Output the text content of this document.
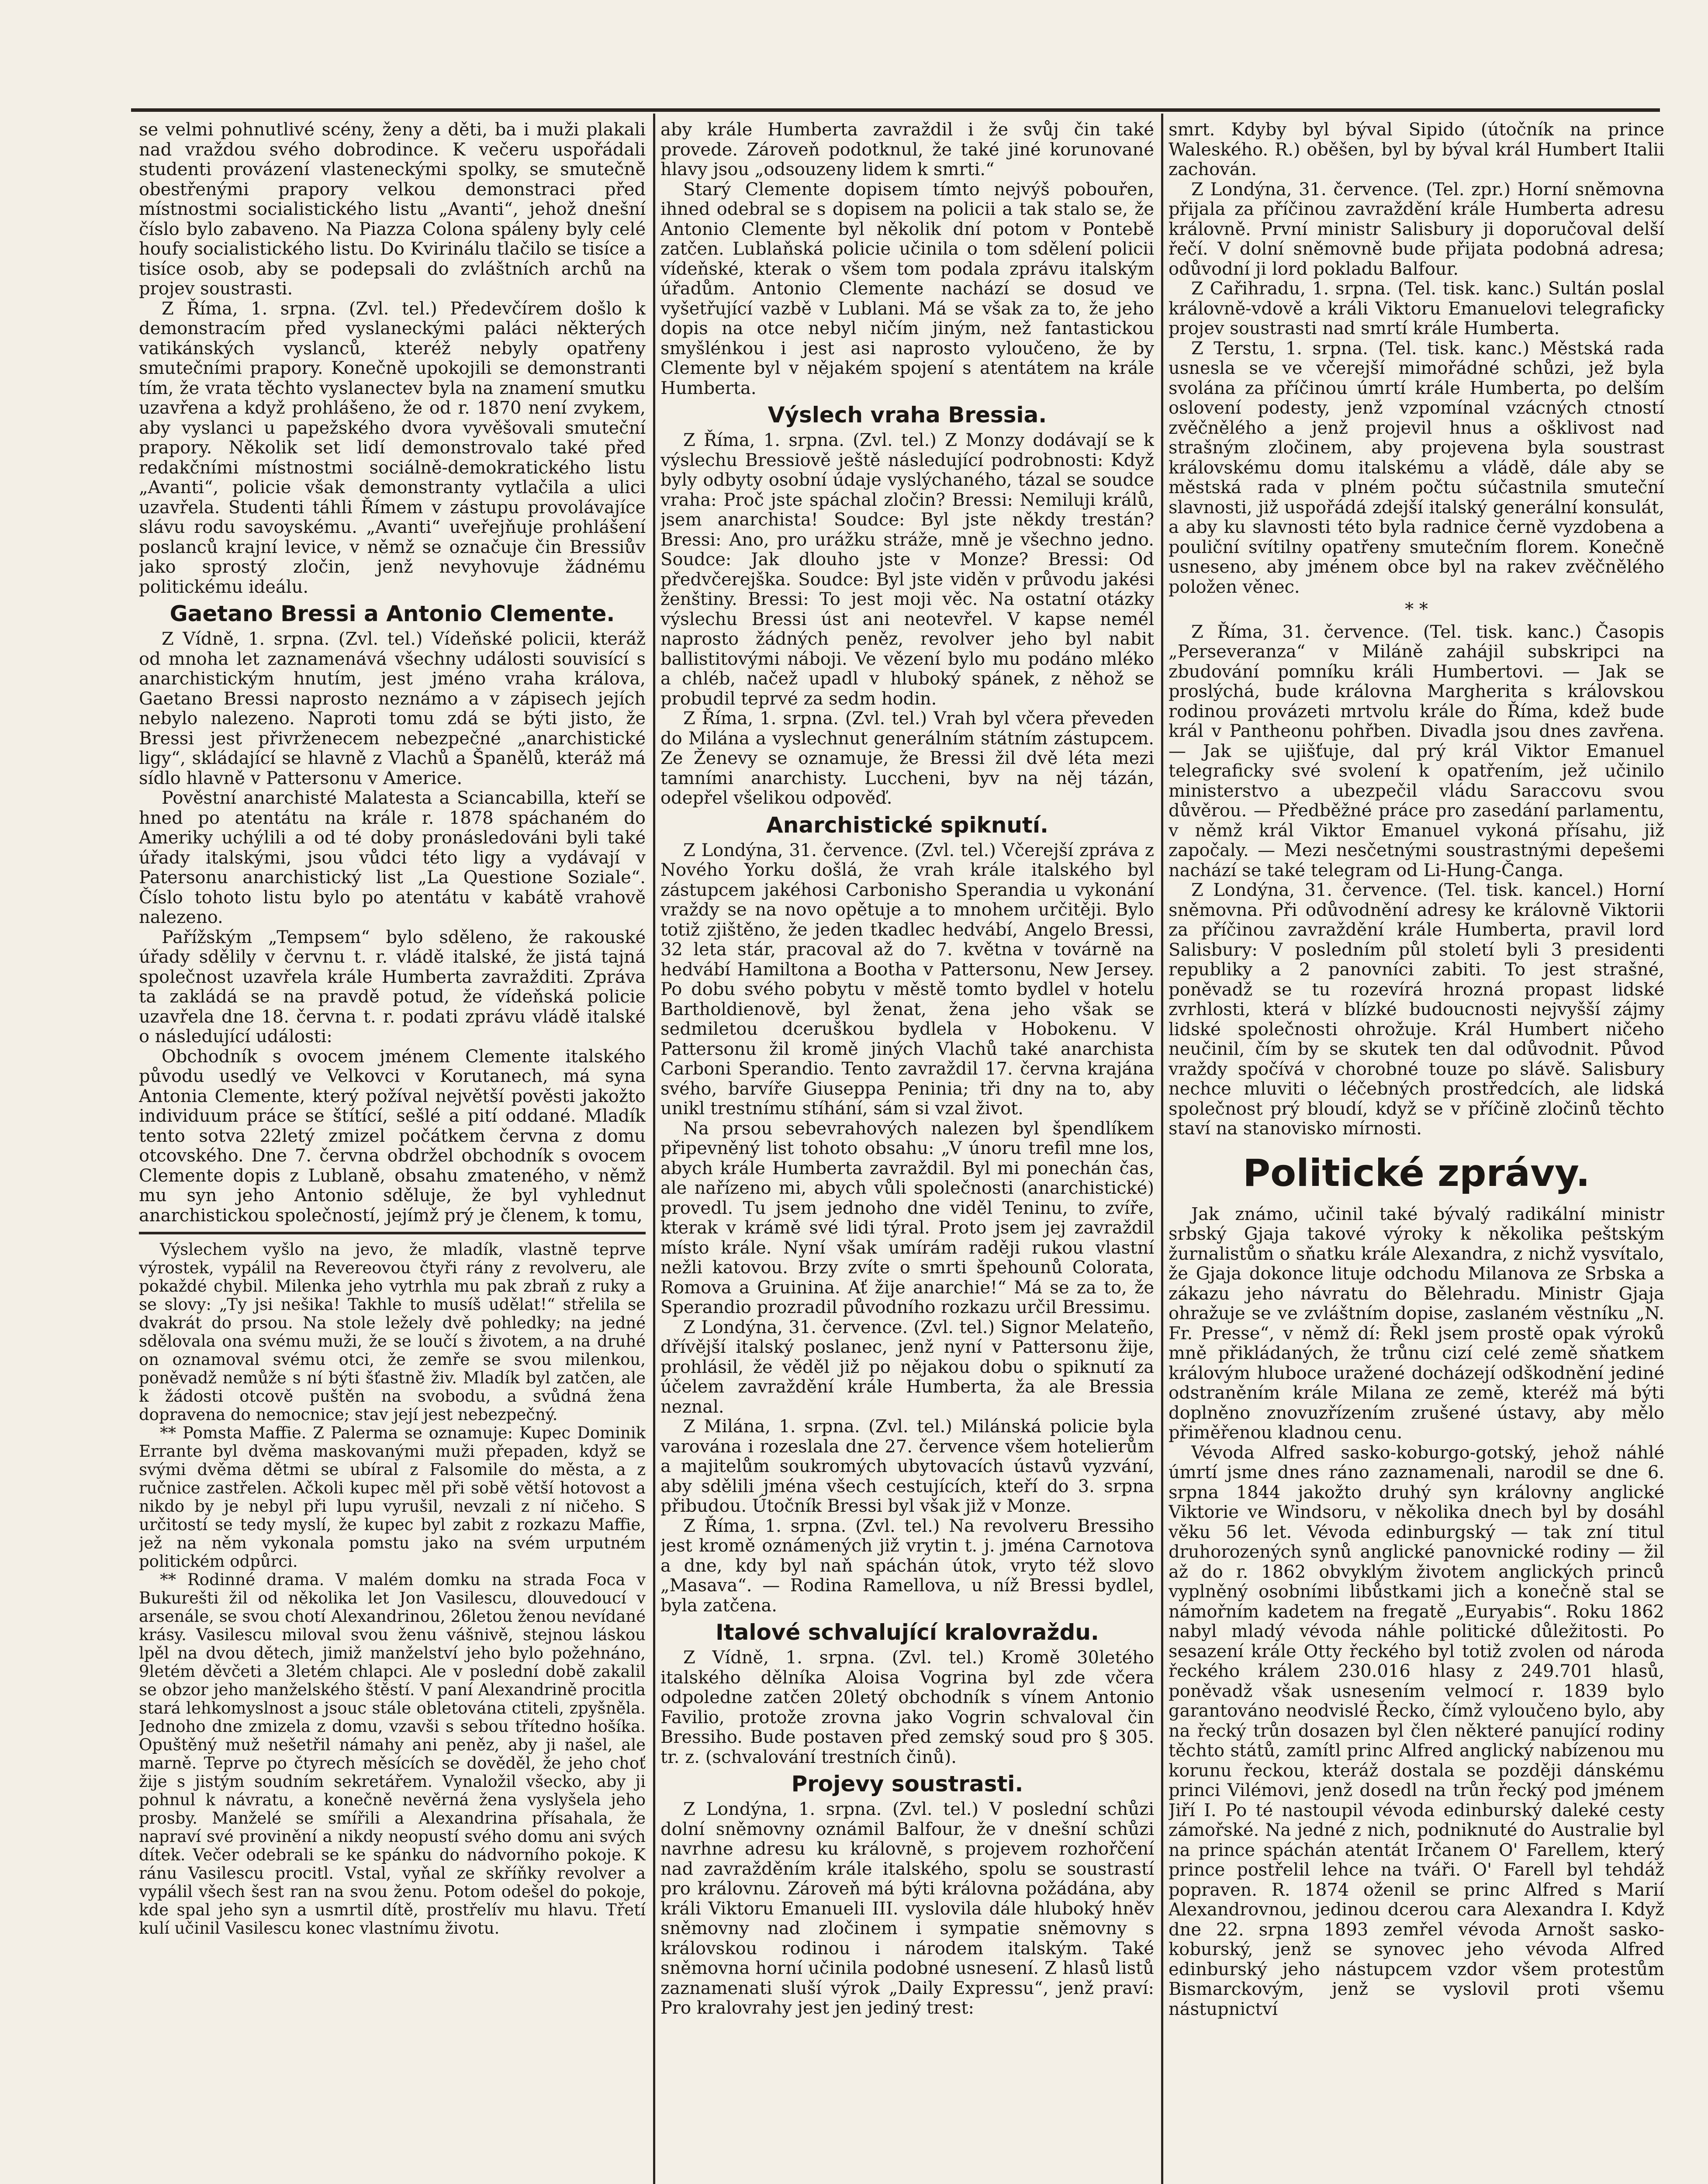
se velmi pohnutlivé scény, ženy a děti, ba i muži plakali nad vraždou svého dobrodince. K večeru uspořádali studenti provázení vlasteneckými spolky, se smutečně obestřenými prapory velkou demonstraci před místnostmi socialistického listu „Avanti“, jehož dnešní číslo bylo zabaveno. Na Piazza Colona spáleny byly celé houfy socialistického listu. Do Kvirinálu tlačilo se tisíce a tisíce osob, aby se podepsali do zvláštních archů na projev soustrasti.

Z Říma, 1. srpna. (Zvl. tel.) Předevčírem došlo k demonstracím před vyslaneckými paláci některých vatikánských vyslanců, kteréž nebyly opatřeny smutečními prapory. Konečně upokojili se demonstranti tím, že vrata těchto vyslanectev byla na znamení smutku uzavřena a když prohlášeno, že od r. 1870 není zvykem, aby vyslanci u papežského dvora vyvěšovali smuteční prapory. Několik set lidí demonstrovalo také před redakčními místnostmi sociálně-demokratického listu „Avanti“, policie však demonstranty vytlačila a ulici uzavřela. Studenti táhli Římem v zástupu provolávajíce slávu rodu savoyskému. „Avanti“ uveřejňuje prohlášení poslanců krajní levice, v němž se označuje čin Bressiův jako sprostý zločin, jenž nevyhovuje žádnému politickému ideálu.

Gaetano Bressi a Antonio Clemente.

Z Vídně, 1. srpna. (Zvl. tel.) Vídeňské policii, kteráž od mnoha let zaznamenává všechny události souvisící s anarchistickým hnutím, jest jméno vraha králova, Gaetano Bressi naprosto neznámo a v zápisech jejích nebylo nalezeno. Naproti tomu zdá se býti jisto, že Bressi jest přivrženecem nebezpečné „anarchistické ligy“, skládající se hlavně z Vlachů a Španělů, kteráž má sídlo hlavně v Pattersonu v Americe.

Pověstní anarchisté Malatesta a Sciancabilla, kteří se hned po atentátu na krále r. 1878 spáchaném do Ameriky uchýlili a od té doby pronásledováni byli také úřady italskými, jsou vůdci této ligy a vydávají v Patersonu anarchistický list „La Questione Soziale“. Číslo tohoto listu bylo po atentátu v kabátě vrahově nalezeno.

Pařížským „Tempsem“ bylo sděleno, že rakouské úřady sdělily v červnu t. r. vládě italské, že jistá tajná společnost uzavřela krále Humberta zavražditi. Zpráva ta zakládá se na pravdě potud, že vídeňská policie uzavřela dne 18. června t. r. podati zprávu vládě italské o následující události:

Obchodník s ovocem jménem Clemente italského původu usedlý ve Velkovci v Korutanech, má syna Antonia Clemente, který požíval největší pověsti jakožto individuum práce se štítící, sešlé a pití oddané. Mladík tento sotva 22letý zmizel počátkem června z domu otcovského. Dne 7. června obdržel obchodník s ovocem Clemente dopis z Lublaně, obsahu zmateného, v němž mu syn jeho Antonio sděluje, že byl vyhlednut anarchistickou společností, jejímž prý je členem, k tomu,

Výslechem vyšlo na jevo, že mladík, vlastně teprve výrostek, vypálil na Revereovou čtyři rány z revolveru, ale pokaždé chybil. Milenka jeho vytrhla mu pak zbraň z ruky a se slovy: „Ty jsi nešika! Takhle to musíš udělat!“ střelila se dvakrát do prsou. Na stole ležely dvě pohledky; na jedné sdělovala ona svému muži, že se loučí s životem, a na druhé on oznamoval svému otci, že zemře se svou milenkou, poněvadž nemůže s ní býti šťastně živ. Mladík byl zatčen, ale k žádosti otcově puštěn na svobodu, a svůdná žena dopravena do nemocnice; stav její jest nebezpečný.

** Pomsta Maffie. Z Palerma se oznamuje: Kupec Dominik Errante byl dvěma maskovanými muži přepaden, když se svými dvěma dětmi se ubíral z Falsomile do města, a z ručnice zastřelen. Ačkoli kupec měl při sobě větší hotovost a nikdo by je nebyl při lupu vyrušil, nevzali z ní ničeho. S určitostí se tedy myslí, že kupec byl zabit z rozkazu Maffie, jež na něm vykonala pomstu jako na svém urputném politickém odpůrci.

** Rodinné drama. V malém domku na strada Foca v Bukurešti žil od několika let Jon Vasilescu, dlouvedoucí v arsenále, se svou chotí Alexandrinou, 26letou ženou nevídané krásy. Vasilescu miloval svou ženu vášnivě, stejnou láskou lpěl na dvou dětech, jimiž manželství jeho bylo požehnáno, 9letém děvčeti a 3letém chlapci. Ale v poslední době zakalil se obzor jeho manželského štěstí. V paní Alexandrině procitla stará lehkomyslnost a jsouc stále obletována ctiteli, zpyšněla. Jednoho dne zmizela z domu, vzavši s sebou třítedno hošíka. Opuštěný muž nešetřil námahy ani peněz, aby ji našel, ale marně. Teprve po čtyrech měsících se dověděl, že jeho choť žije s jistým soudním sekretářem. Vynaložil všecko, aby ji pohnul k návratu, a konečně nevěrná žena vyslyšela jeho prosby. Manželé se smířili a Alexandrina přísahala, že napraví své provinění a nikdy neopustí svého domu ani svých dítek. Večer odebrali se ke spánku do nádvorního pokoje. K ránu Vasilescu procitl. Vstal, vyňal ze skříňky revolver a vypálil všech šest ran na svou ženu. Potom odešel do pokoje, kde spal jeho syn a usmrtil dítě, prostřelív mu hlavu. Třetí kulí učinil Vasilescu konec vlastnímu životu.

aby krále Humberta zavraždil i že svůj čin také provede. Zároveň podotknul, že také jiné korunované hlavy jsou „odsouzeny lidem k smrti.“

Starý Clemente dopisem tímto nejvýš pobouřen, ihned odebral se s dopisem na policii a tak stalo se, že Antonio Clemente byl několik dní potom v Pontebě zatčen. Lublaňská policie učinila o tom sdělení policii vídeňské, kterak o všem tom podala zprávu italským úřadům. Antonio Clemente nachází se dosud ve vyšetřující vazbě v Lublani. Má se však za to, že jeho dopis na otce nebyl ničím jiným, než fantastickou smyšlénkou i jest asi naprosto vyloučeno, že by Clemente byl v nějakém spojení s atentátem na krále Humberta.

Výslech vraha Bressia.

Z Říma, 1. srpna. (Zvl. tel.) Z Monzy dodávají se k výslechu Bressiově ještě následující podrobnosti: Když byly odbyty osobní údaje vyslýchaného, tázal se soudce vraha: Proč jste spáchal zločin? Bressi: Nemiluji králů, jsem anarchista! Soudce: Byl jste někdy trestán? Bressi: Ano, pro urážku stráže, mně je všechno jedno. Soudce: Jak dlouho jste v Monze? Bressi: Od předvčerejška. Soudce: Byl jste viděn v průvodu jakési ženštiny. Bressi: To jest moji věc. Na ostatní otázky výslechu Bressi úst ani neotevřel. V kapse nemél naprosto žádných peněz, revolver jeho byl nabit ballistitovými náboji. Ve vězení bylo mu podáno mléko a chléb, načež upadl v hluboký spánek, z něhož se probudil teprvé za sedm hodin.

Z Říma, 1. srpna. (Zvl. tel.) Vrah byl včera převeden do Milána a vyslechnut generálním státním zástupcem. Ze Ženevy se oznamuje, že Bressi žil dvě léta mezi tamními anarchisty. Luccheni, byv na něj tázán, odepřel všelikou odpověď.

Anarchistické spiknutí.

Z Londýna, 31. července. (Zvl. tel.) Včerejší zpráva z Nového Yorku došlá, že vrah krále italského byl zástupcem jakéhosi Carbonisho Sperandia u vykonání vraždy se na novo opětuje a to mnohem určitěji. Bylo totiž zjištěno, že jeden tkadlec hedvábí, Angelo Bressi, 32 leta stár, pracoval až do 7. května v továrně na hedvábí Hamiltona a Bootha v Pattersonu, New Jersey. Po dobu svého pobytu v městě tomto bydlel v hotelu Bartholdienově, byl ženat, žena jeho však se sedmiletou dceruškou bydlela v Hobokenu. V Pattersonu žil kromě jiných Vlachů také anarchista Carboni Sperandio. Tento zavraždil 17. června krajána svého, barvíře Giuseppa Peninia; tři dny na to, aby unikl trestnímu stíhání, sám si vzal život.

Na prsou sebevrahových nalezen byl špendlíkem připevněný list tohoto obsahu: „V únoru trefil mne los, abych krále Humberta zavraždil. Byl mi ponechán čas, ale nařízeno mi, abych vůli společnosti (anarchistické) provedl. Tu jsem jednoho dne viděl Teninu, to zvíře, kterak v krámě své lidi týral. Proto jsem jej zavraždil místo krále. Nyní však umírám raději rukou vlastní nežli katovou. Brzy zvíte o smrti špehounů Colorata, Romova a Gruinina. Ať žije anarchie!“ Má se za to, že Sperandio prozradil původního rozkazu určil Bressimu.

Z Londýna, 31. července. (Zvl. tel.) Signor Melateño, dřívější italský poslanec, jenž nyní v Pattersonu žije, prohlásil, že věděl již po nějakou dobu o spiknutí za účelem zavraždění krále Humberta, ža ale Bressia neznal.

Z Milána, 1. srpna. (Zvl. tel.) Milánská policie byla varována i rozeslala dne 27. července všem hotelierům a majitelům soukromých ubytovacích ústavů vyzvání, aby sdělili jména všech cestujících, kteří do 3. srpna přibudou. Útočník Bressi byl však již v Monze.

Z Říma, 1. srpna. (Zvl. tel.) Na revolveru Bressiho jest kromě oznámených již vrytin t. j. jména Carnotova a dne, kdy byl naň spáchán útok, vryto též slovo „Masava“. — Rodina Ramellova, u níž Bressi bydlel, byla zatčena.

Italové schvalující kralovraždu.

Z Vídně, 1. srpna. (Zvl. tel.) Kromě 30letého italského dělníka Aloisa Vogrina byl zde včera odpoledne zatčen 20letý obchodník s vínem Antonio Favilio, protože zrovna jako Vogrin schvaloval čin Bressiho. Bude postaven před zemský soud pro § 305. tr. z. (schvalování trestních činů).

Projevy soustrasti.

Z Londýna, 1. srpna. (Zvl. tel.) V poslední schůzi dolní sněmovny oznámil Balfour, že v dnešní schůzi navrhne adresu ku královně, s projevem rozhořčení nad zavražděním krále italského, spolu se soustrastí pro královnu. Zároveň má býti královna požádána, aby králi Viktoru Emanueli III. vyslovila dále hluboký hněv sněmovny nad zločinem i sympatie sněmovny s královskou rodinou i národem italským. Také sněmovna horní učinila podobné usnesení. Z hlasů listů zaznamenati sluší výrok „Daily Expressu“, jenž praví: Pro kralovrahy jest jen jediný trest:

smrt. Kdyby byl býval Sipido (útočník na prince Waleského. R.) oběšen, byl by býval král Humbert Italii zachován.

Z Londýna, 31. července. (Tel. zpr.) Horní sněmovna přijala za příčinou zavraždění krále Humberta adresu královně. První ministr Salisbury ji doporučoval delší řečí. V dolní sněmovně bude přijata podobná adresa; odůvodní ji lord pokladu Balfour.

Z Cařihradu, 1. srpna. (Tel. tisk. kanc.) Sultán poslal královně-vdově a králi Viktoru Emanuelovi telegraficky projev soustrasti nad smrtí krále Humberta.

Z Terstu, 1. srpna. (Tel. tisk. kanc.) Městská rada usnesla se ve včerejší mimořádné schůzi, jež byla svolána za příčinou úmrtí krále Humberta, po delším oslovení podesty, jenž vzpomínal vzácných ctností zvěčnělého a jenž projevil hnus a ošklivost nad strašným zločinem, aby projevena byla soustrast královskému domu italskému a vládě, dále aby se městská rada v plném počtu súčastnila smuteční slavnosti, již uspořádá zdejší italský generální konsulát, a aby ku slavnosti této byla radnice černě vyzdobena a pouliční svítilny opatřeny smutečním florem. Konečně usneseno, aby jménem obce byl na rakev zvěčnělého položen věnec.

* *

Z Říma, 31. července. (Tel. tisk. kanc.) Časopis „Perseveranza“ v Miláně zahájil subskripci na zbudování pomníku králi Humbertovi. — Jak se proslýchá, bude královna Margherita s královskou rodinou provázeti mrtvolu krále do Říma, kdež bude král v Pantheonu pohřben. Divadla jsou dnes zavřena. — Jak se ujišťuje, dal prý král Viktor Emanuel telegraficky své svolení k opatřením, jež učinilo ministerstvo a ubezpečil vládu Saraccovu svou důvěrou. — Předběžné práce pro zasedání parlamentu, v němž král Viktor Emanuel vykoná přísahu, již započaly. — Mezi nesčetnými soustrastnými depešemi nachází se také telegram od Li-Hung-Čanga.

Z Londýna, 31. července. (Tel. tisk. kancel.) Horní sněmovna. Při odůvodnění adresy ke královně Viktorii za příčinou zavraždění krále Humberta, pravil lord Salisbury: V posledním půl století byli 3 presidenti republiky a 2 panovníci zabiti. To jest strašné, poněvadž se tu rozevírá hrozná propast lidské zvrhlosti, která v blízké budoucnosti nejvyšší zájmy lidské společnosti ohrožuje. Král Humbert ničeho neučinil, čím by se skutek ten dal odůvodnit. Původ vraždy spočívá v chorobné touze po slávě. Salisbury nechce mluviti o léčebných prostředcích, ale lidská společnost prý bloudí, když se v příčině zločinů těchto staví na stanovisko mírnosti.

Politické zprávy.

Jak známo, učinil také bývalý radikální ministr srbský Gjaja takové výroky k několika peštským žurnalistům o sňatku krále Alexandra, z nichž vysvítalo, že Gjaja dokonce lituje odchodu Milanova ze Srbska a zákazu jeho návratu do Bělehradu. Ministr Gjaja ohražuje se ve zvláštním dopise, zaslaném věstníku „N. Fr. Presse“, v němž dí: Řekl jsem prostě opak výroků mně přikládaných, že trůnu cizí celé země sňatkem královým hluboce uražené docházejí odškodnění jediné odstraněním krále Milana ze země, kteréž má býti doplněno znovuzřízením zrušené ústavy, aby mělo přiměřenou kladnou cenu.

Vévoda Alfred sasko-koburgo-gotský, jehož náhlé úmrtí jsme dnes ráno zaznamenali, narodil se dne 6. srpna 1844 jakožto druhý syn královny anglické Viktorie ve Windsoru, v několika dnech byl by dosáhl věku 56 let. Vévoda edinburgský — tak zní titul druhorozených synů anglické panovnické rodiny — žil až do r. 1862 obvyklým životem anglických princů vyplněný osobními libůstkami jich a konečně stal se námořním kadetem na fregatě „Euryabis“. Roku 1862 nabyl mladý vévoda náhle politické důležitosti. Po sesazení krále Otty řeckého byl totiž zvolen od národa řeckého králem 230.016 hlasy z 249.701 hlasů, poněvadž však usnesením velmocí r. 1839 bylo garantováno neodvislé Řecko, čímž vyloučeno bylo, aby na řecký trůn dosazen byl člen některé panující rodiny těchto států, zamítl princ Alfred anglický nabízenou mu korunu řeckou, kteráž dostala se později dánskému princi Vilémovi, jenž dosedl na trůn řecký pod jménem Jiří I. Po té nastoupil vévoda edinburský daleké cesty zámořské. Na jedné z nich, podniknuté do Australie byl na prince spáchán atentát Irčanem O' Farellem, který prince postřelil lehce na tváři. O' Farell byl tehdáž popraven. R. 1874 oženil se princ Alfred s Marií Alexandrovnou, jedinou dcerou cara Alexandra I. Když dne 22. srpna 1893 zemřel vévoda Arnošt sasko-koburský, jenž se synovec jeho vévoda Alfred edinburský jeho nástupcem vzdor všem protestům Bismarckovým, jenž se vyslovil proti všemu nástupnictví
